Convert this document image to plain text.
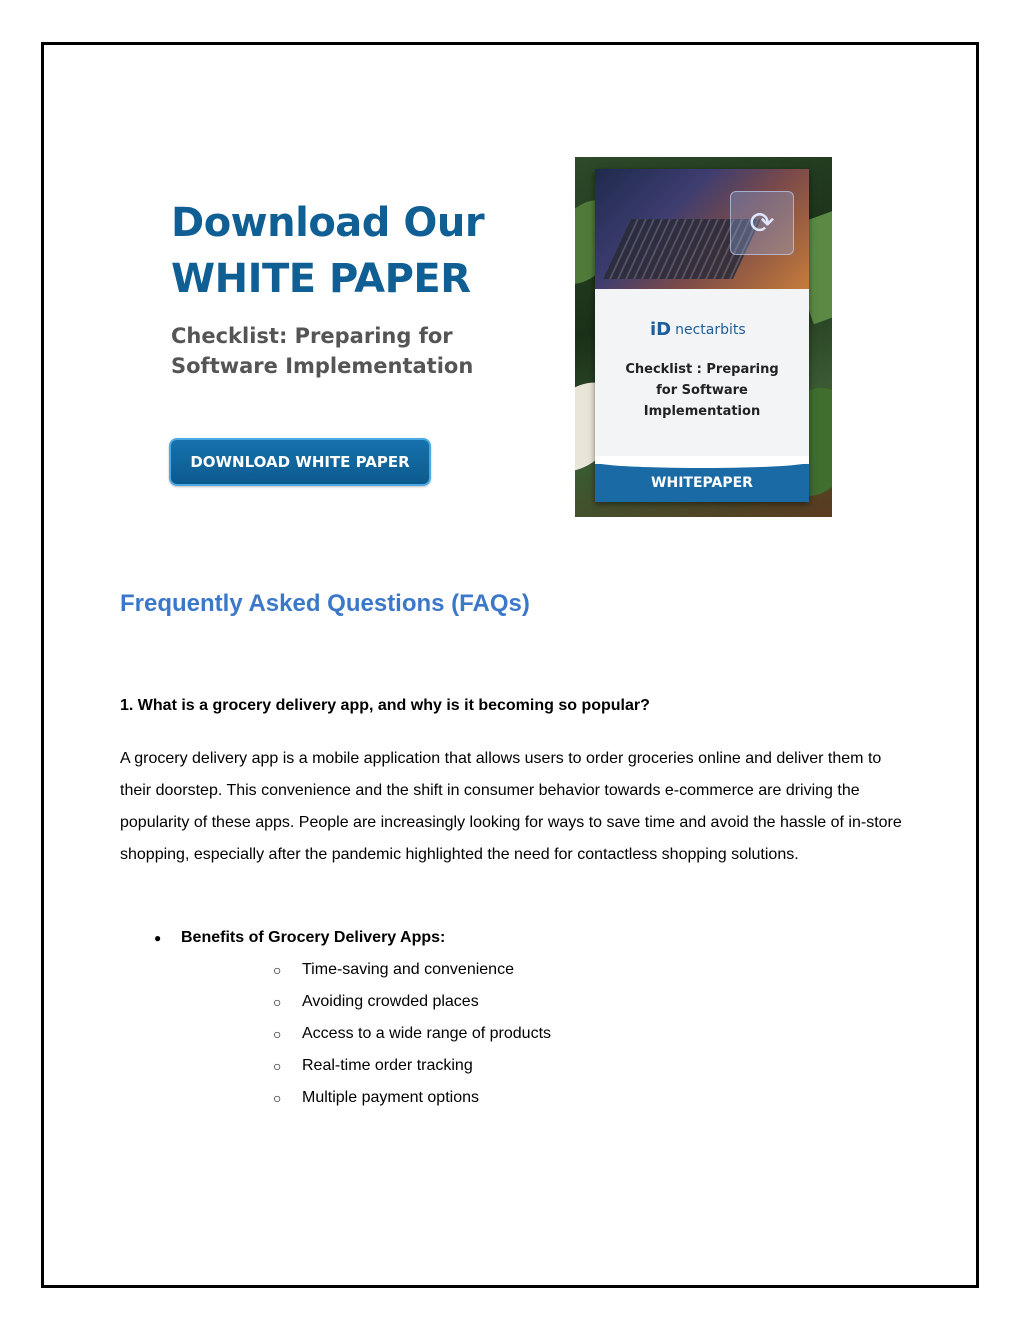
Download Our
WHITE PAPER

Checklist: Preparing for
Software Implementation

DOWNLOAD WHITE PAPER
⟳
iD nectarbits
Checklist : Preparing
for Software
Implementation
WHITEPAPER
Frequently Asked Questions (FAQs)

1. What is a grocery delivery app, and why is it becoming so popular?

A grocery delivery app is a mobile application that allows users to order groceries online and deliver them to their doorstep. This convenience and the shift in consumer behavior towards e-commerce are driving the popularity of these apps. People are increasingly looking for ways to save time and avoid the hassle of in-store shopping, especially after the pandemic highlighted the need for contactless shopping solutions.

● Benefits of Grocery Delivery Apps:
○ Time-saving and convenience
○ Avoiding crowded places
○ Access to a wide range of products
○ Real-time order tracking
○ Multiple payment options
